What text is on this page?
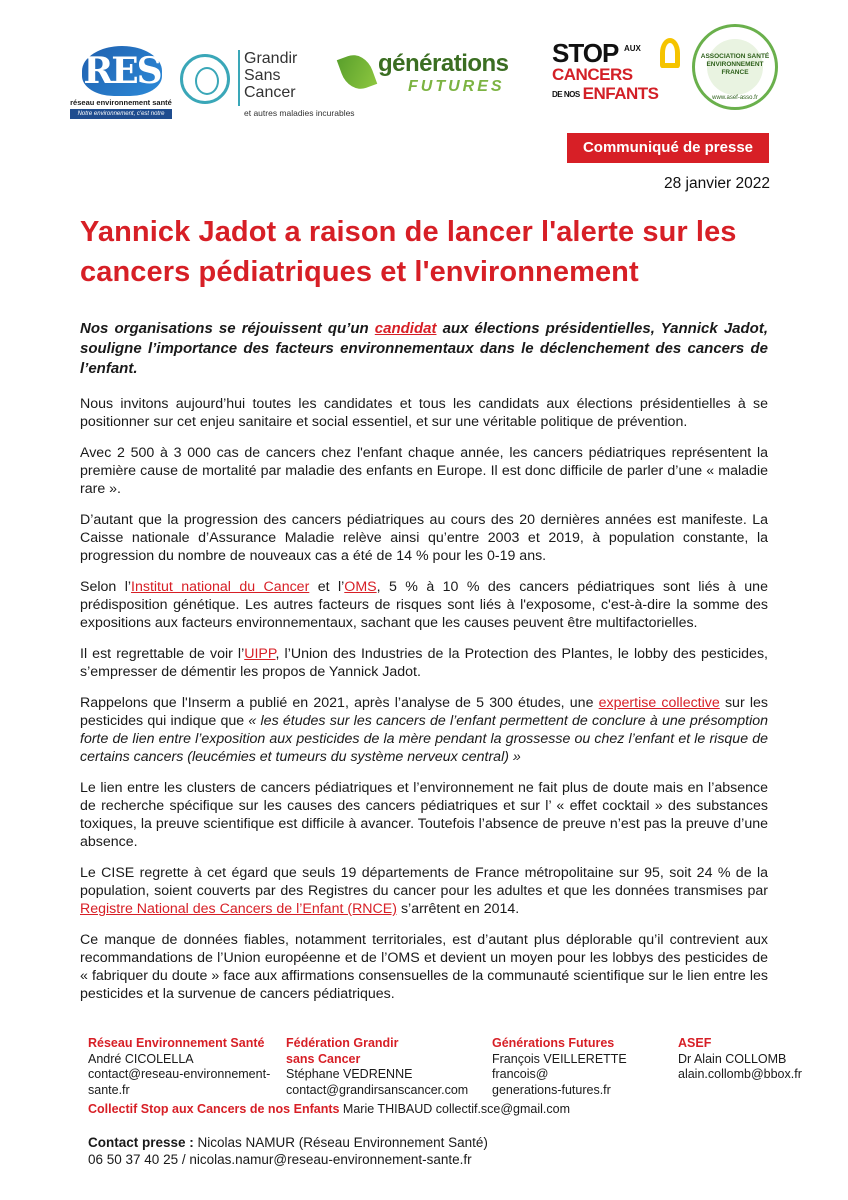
RES
réseau environnement santé
Notre environnement, c'est notre santé
Grandir
Sans
Cancer
et autres maladies incurables
générations
FUTURES
STOP AUX
CANCERS
DE NOS ENFANTS
ASSOCIATION SANTÉ ENVIRONNEMENT FRANCE
www.asef-asso.fr
Communiqué de presse
28 janvier 2022
Yannick Jadot a raison de lancer l'alerte sur les cancers pédiatriques et l'environnement

Nos organisations se réjouissent qu’un candidat aux élections présidentielles, Yannick Jadot, souligne l’importance des facteurs environnementaux dans le déclenchement des cancers de l’enfant.

Nous invitons aujourd’hui toutes les candidates et tous les candidats aux élections présidentielles à se positionner sur cet enjeu sanitaire et social essentiel, et sur une véritable politique de prévention.

Avec 2 500 à 3 000 cas de cancers chez l'enfant chaque année, les cancers pédiatriques représentent la première cause de mortalité par maladie des enfants en Europe. Il est donc difficile de parler d’une « maladie rare ».

D’autant que la progression des cancers pédiatriques au cours des 20 dernières années est manifeste. La Caisse nationale d’Assurance Maladie relève ainsi qu’entre 2003 et 2019, à population constante, la progression du nombre de nouveaux cas a été de 14 % pour les 0-19 ans.

Selon l’Institut national du Cancer et l’OMS, 5 % à 10 % des cancers pédiatriques sont liés à une prédisposition génétique. Les autres facteurs de risques sont liés à l'exposome, c'est-à-dire la somme des expositions aux facteurs environnementaux, sachant que les causes peuvent être multifactorielles.

Il est regrettable de voir l’UIPP, l’Union des Industries de la Protection des Plantes, le lobby des pesticides, s’empresser de démentir les propos de Yannick Jadot.

Rappelons que l'Inserm a publié en 2021, après l’analyse de 5 300 études, une expertise collective sur les pesticides qui indique que « les études sur les cancers de l’enfant permettent de conclure à une présomption forte de lien entre l’exposition aux pesticides de la mère pendant la grossesse ou chez l’enfant et le risque de certains cancers (leucémies et tumeurs du système nerveux central) »

Le lien entre les clusters de cancers pédiatriques et l’environnement ne fait plus de doute mais en l’absence de recherche spécifique sur les causes des cancers pédiatriques et sur l’ « effet cocktail » des substances toxiques, la preuve scientifique est difficile à avancer. Toutefois l’absence de preuve n’est pas la preuve d’une absence.

Le CISE regrette à cet égard que seuls 19 départements de France métropolitaine sur 95, soit 24 % de la population, soient couverts par des Registres du cancer pour les adultes et que les données transmises par Registre National des Cancers de l’Enfant (RNCE) s’arrêtent en 2014.

Ce manque de données fiables, notamment territoriales, est d’autant plus déplorable qu’il contrevient aux recommandations de l’Union européenne et de l’OMS et devient un moyen pour les lobbys des pesticides de « fabriquer du doute » face aux affirmations consensuelles de la communauté scientifique sur le lien entre les pesticides et la survenue de cancers pédiatriques.

Réseau Environnement Santé
André CICOLELLA
contact@reseau-environnement-
sante.fr
Fédération Grandir
sans Cancer
Stéphane VEDRENNE
contact@grandirsanscancer.com
Générations Futures
François VEILLERETTE
francois@
generations-futures.fr
ASEF
Dr Alain COLLOMB
alain.collomb@bbox.fr
Collectif Stop aux Cancers de nos Enfants Marie THIBAUD collectif.sce@gmail.com
Contact presse : Nicolas NAMUR (Réseau Environnement Santé)
06 50 37 40 25 / nicolas.namur@reseau-environnement-sante.fr
